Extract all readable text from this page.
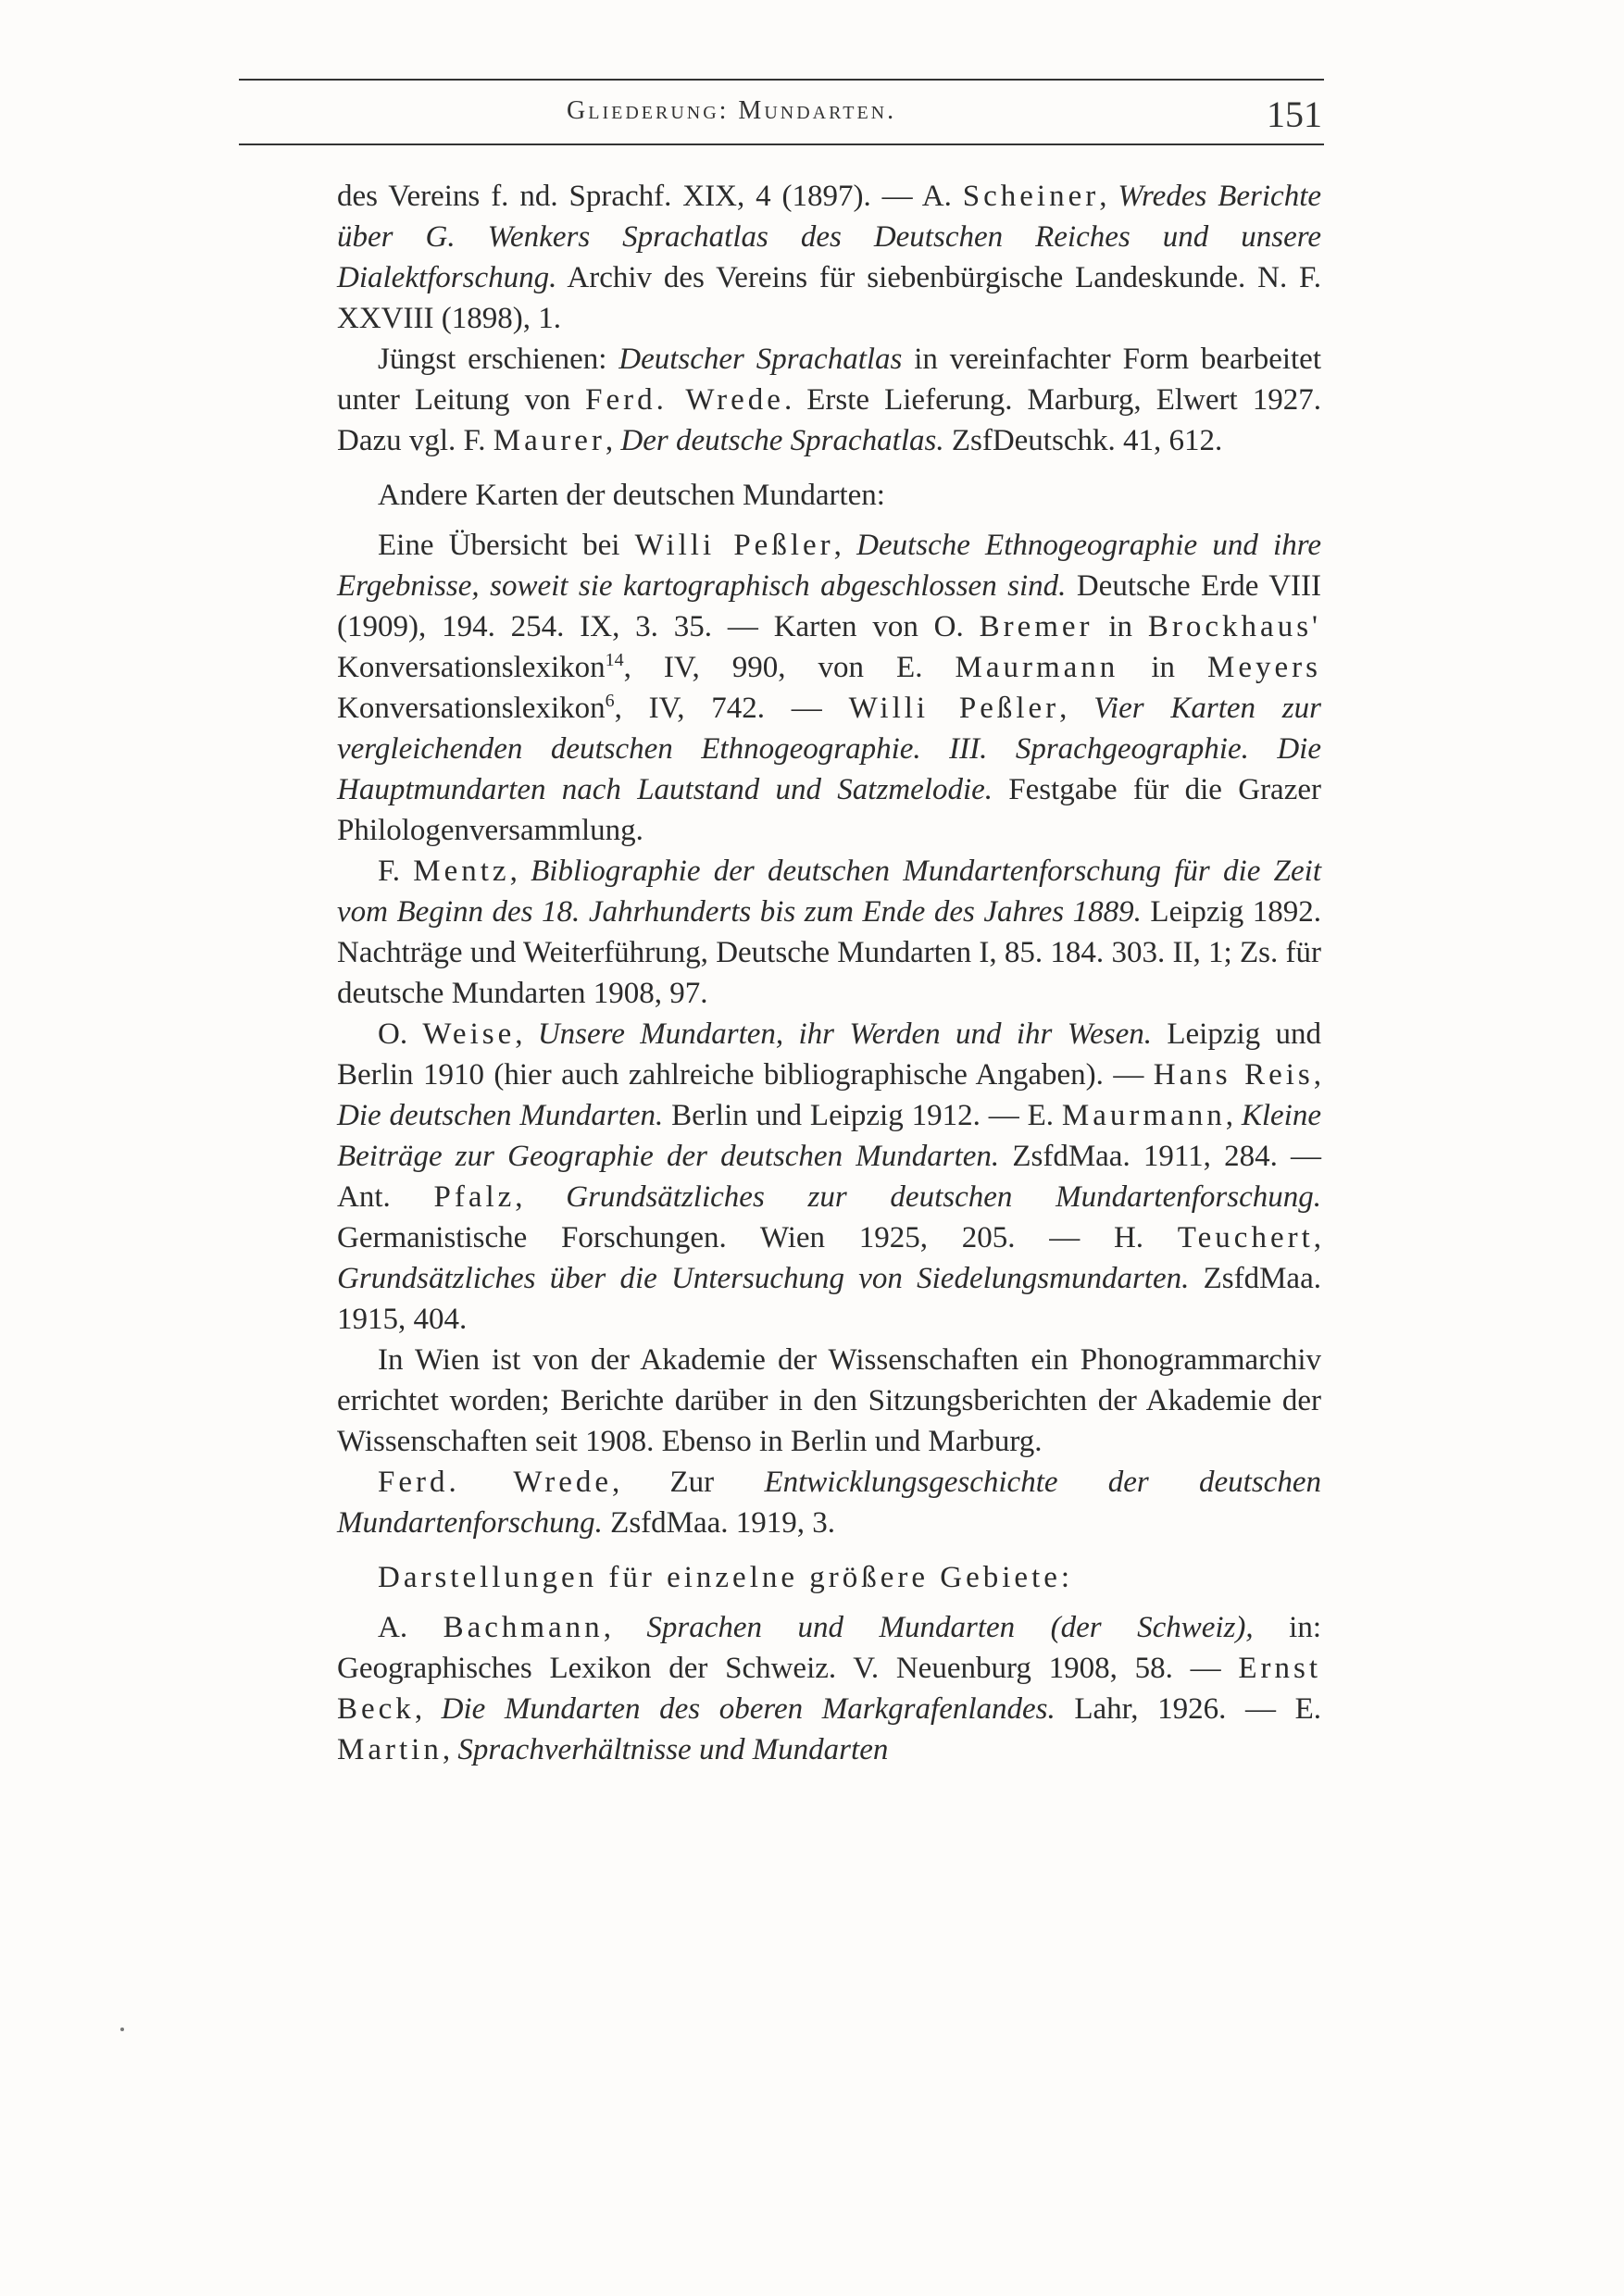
Gliederung: Mundarten.	151

des Vereins f. nd. Sprachf. XIX, 4 (1897). — A. Scheiner, Wredes Berichte über G. Wenkers Sprachatlas des Deutschen Reiches und unsere Dialektforschung. Archiv des Vereins für siebenbürgische Landeskunde. N. F. XXVIII (1898), 1.

Jüngst erschienen: Deutscher Sprachatlas in vereinfachter Form bearbeitet unter Leitung von Ferd. Wrede. Erste Lieferung. Marburg, Elwert 1927. Dazu vgl. F. Maurer, Der deutsche Sprachatlas. ZsfDeutschk. 41, 612.

Andere Karten der deutschen Mundarten:

Eine Übersicht bei Willi Peßler, Deutsche Ethnogeographie und ihre Ergebnisse, soweit sie kartographisch abgeschlossen sind. Deutsche Erde VIII (1909), 194. 254. IX, 3. 35. — Karten von O. Bremer in Brockhaus' Konversationslexikon$^{14}$, IV, 990, von E. Maurmann in Meyers Konversationslexikon$^6$, IV, 742. — Willi Peßler, Vier Karten zur vergleichenden deutschen Ethnogeographie. III. Sprachgeographie. Die Hauptmundarten nach Lautstand und Satzmelodie. Festgabe für die Grazer Philologenversammlung.

F. Mentz, Bibliographie der deutschen Mundartenforschung für die Zeit vom Beginn des 18. Jahrhunderts bis zum Ende des Jahres 1889. Leipzig 1892. Nachträge und Weiterführung, Deutsche Mundarten I, 85. 184. 303. II, 1; Zs. für deutsche Mundarten 1908, 97.

O. Weise, Unsere Mundarten, ihr Werden und ihr Wesen. Leipzig und Berlin 1910 (hier auch zahlreiche bibliographische Angaben). — Hans Reis, Die deutschen Mundarten. Berlin und Leipzig 1912. — E. Maurmann, Kleine Beiträge zur Geographie der deutschen Mundarten. ZsfdMaa. 1911, 284. — Ant. Pfalz, Grundsätzliches zur deutschen Mundartenforschung. Germanistische Forschungen. Wien 1925, 205. — H. Teuchert, Grundsätzliches über die Untersuchung von Siedelungsmundarten. ZsfdMaa. 1915, 404.

In Wien ist von der Akademie der Wissenschaften ein Phonogrammarchiv errichtet worden; Berichte darüber in den Sitzungsberichten der Akademie der Wissenschaften seit 1908. Ebenso in Berlin und Marburg.

Ferd. Wrede, Zur Entwicklungsgeschichte der deutschen Mundartenforschung. ZsfdMaa. 1919, 3.

Darstellungen für einzelne größere Gebiete:

A. Bachmann, Sprachen und Mundarten (der Schweiz), in: Geographisches Lexikon der Schweiz. V. Neuenburg 1908, 58. — Ernst Beck, Die Mundarten des oberen Markgrafenlandes. Lahr, 1926. — E. Martin, Sprachverhältnisse und Mundarten
